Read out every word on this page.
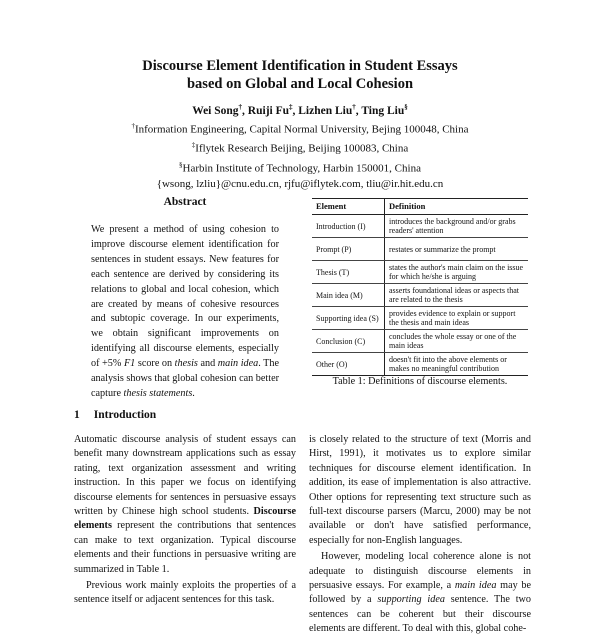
Discourse Element Identification in Student Essays
based on Global and Local Cohesion
Wei Song†, Ruiji Fu‡, Lizhen Liu†, Ting Liu§
†Information Engineering, Capital Normal University, Bejing 100048, China
‡Iflytek Research Beijing, Beijing 100083, China
§Harbin Institute of Technology, Harbin 150001, China
{wsong, lzliu}@cnu.edu.cn, rjfu@iflytek.com, tliu@ir.hit.edu.cn
Abstract
We present a method of using cohesion to improve discourse element identification for sentences in student essays. New features for each sentence are derived by considering its relations to global and local cohesion, which are created by means of cohesive resources and subtopic coverage. In our experiments, we obtain significant improvements on identifying all discourse elements, especially of +5% F1 score on thesis and main idea. The analysis shows that global cohesion can better capture thesis statements.
1 Introduction

Automatic discourse analysis of student essays can benefit many downstream applications such as essay rating, text organization assessment and writing instruction. In this paper we focus on identifying discourse elements for sentences in persuasive essays written by Chinese high school students. Discourse elements represent the contributions that sentences can make to text organization. Typical discourse elements and their functions in persuasive writing are summarized in Table 1.

Previous work mainly exploits the properties of a sentence itself or adjacent sentences for this task.

Element	Definition
Introduction (I)	introduces the background and/or grabs readers' attention
Prompt (P)	restates or summarize the prompt
Thesis (T)	states the author's main claim on the issue for which he/she is arguing
Main idea (M)	asserts foundational ideas or aspects that are related to the thesis
Supporting idea (S)	provides evidence to explain or support the thesis and main ideas
Conclusion (C)	concludes the whole essay or one of the main ideas
Other (O)	doesn't fit into the above elements or makes no meaningful contribution
Table 1: Definitions of discourse elements.

is closely related to the structure of text (Morris and Hirst, 1991), it motivates us to explore similar techniques for discourse element identification. In addition, its ease of implementation is also attractive. Other options for representing text structure such as full-text discourse parsers (Marcu, 2000) may be not available or don't have satisfied performance, especially for non-English languages.

However, modeling local coherence alone is not adequate to distinguish discourse elements in persuasive essays. For example, a main idea may be followed by a supporting idea sentence. The two sentences can be coherent but their discourse elements are different. To deal with this, global cohe-
